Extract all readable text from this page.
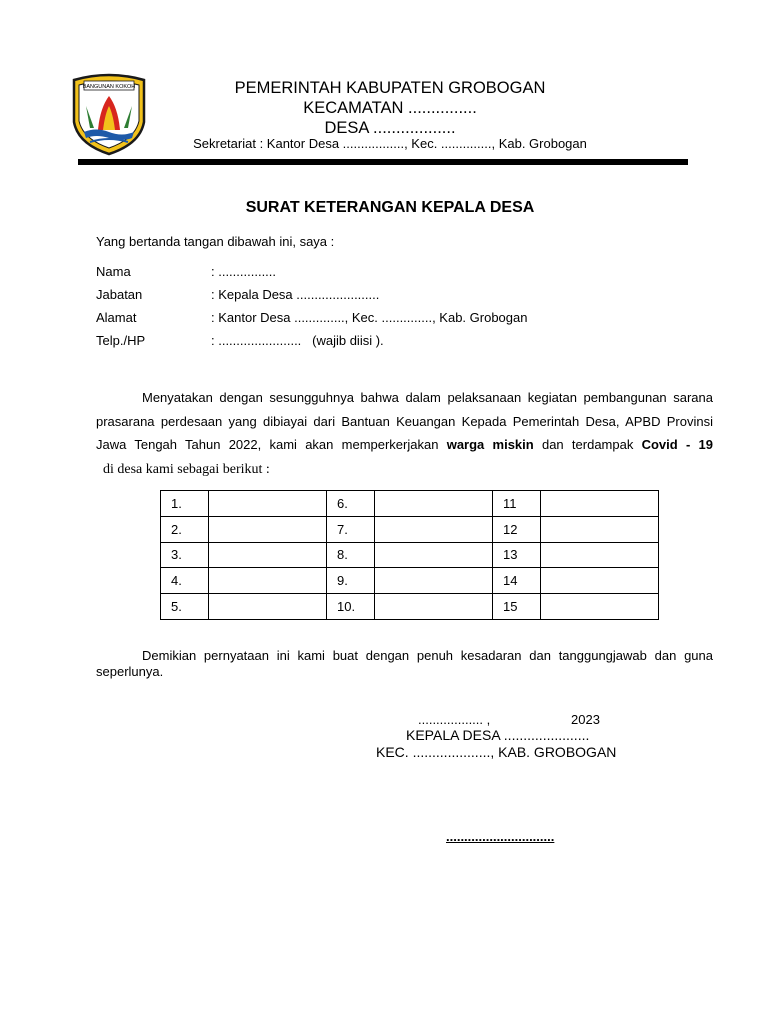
BANGUNAN KOKOH	PEMERINTAH KABUPATEN GROBOGAN
KECAMATAN ...............
DESA ..................
Sekretariat : Kantor Desa ................., Kec. .............., Kab. Grobogan
SURAT KETERANGAN KEPALA DESA
Yang bertanda tangan dibawah ini, saya :
Nama	: ................
Jabatan	: Kepala Desa .......................
Alamat	: Kantor Desa .............., Kec. .............., Kab. Grobogan
Telp./HP	: .......................   (wajib diisi ).
Menyatakan dengan sesungguhnya bahwa dalam pelaksanaan kegiatan pembangunan sarana prasarana perdesaan yang dibiayai dari Bantuan Keuangan Kepada Pemerintah Desa, APBD Provinsi Jawa Tengah Tahun 2022, kami akan memperkerjakan warga miskin dan terdampak Covid - 19  di desa kami sebagai berikut :
1.		6.		11	
2.		7.		12	
3.		8.		13	
4.		9.		14	
5.		10.		15	
Demikian pernyataan ini kami buat dengan penuh kesadaran dan tanggungjawab dan guna seperlunya.
.................. ,	2023
KEPALA DESA ......................
KEC. ...................., KAB. GROBOGAN
..............................
